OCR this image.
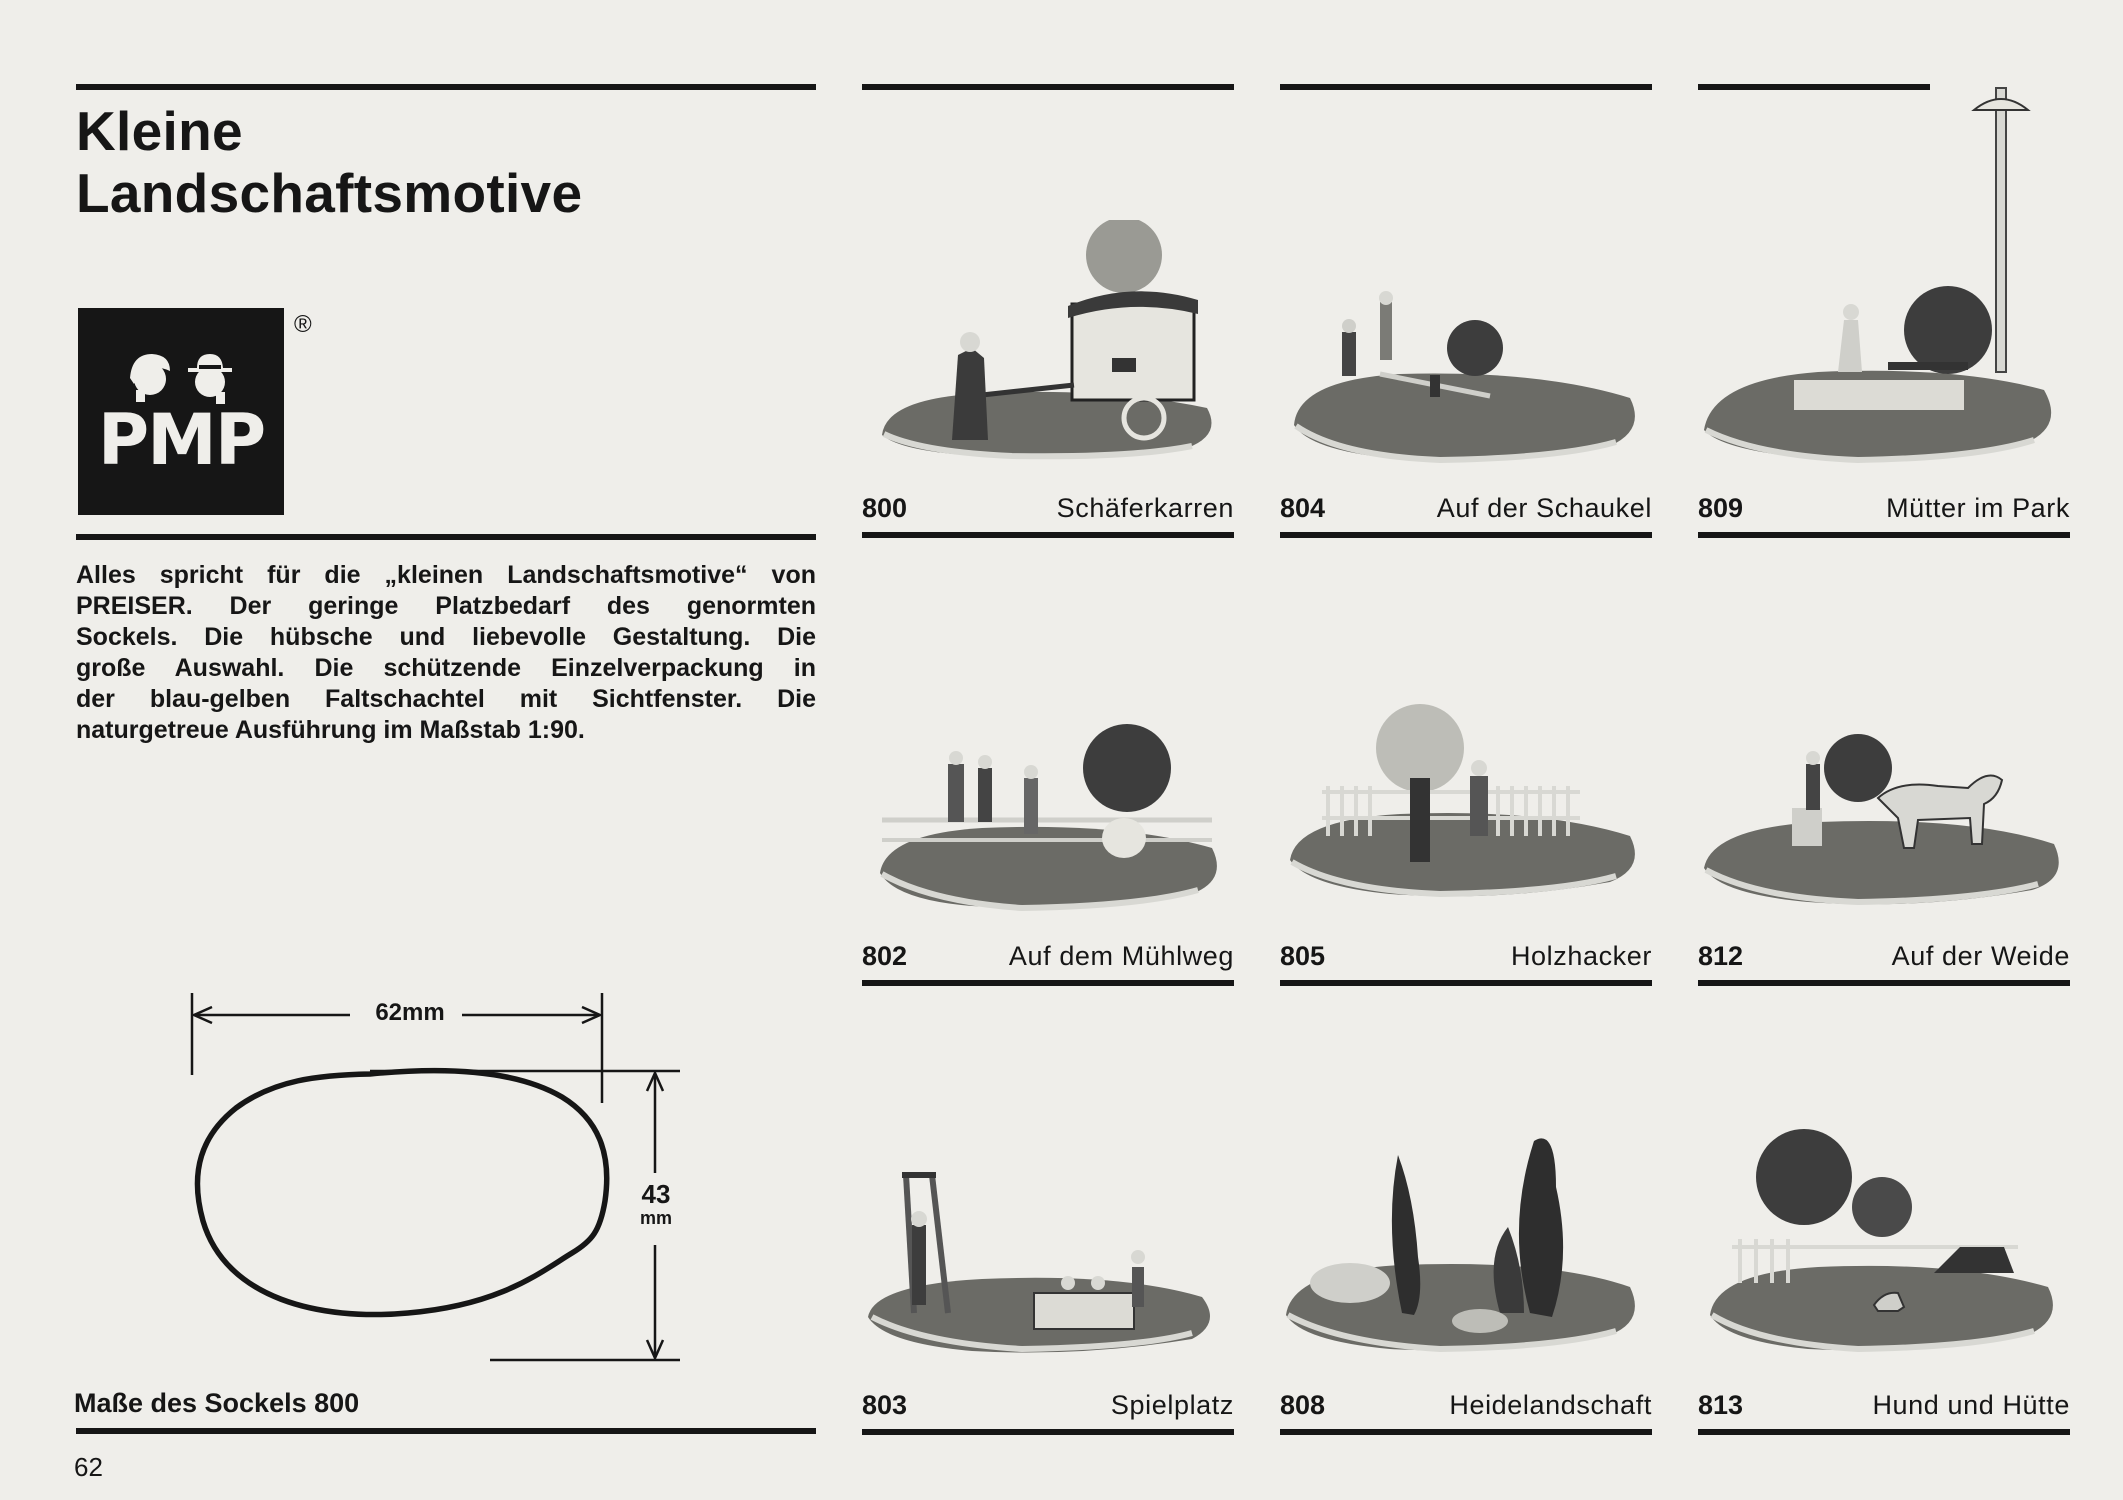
Kleine
Landschaftsmotive
PMP
®
Alles spricht für die „kleinen Landschaftsmotive“ von
PREISER. Der geringe Platzbedarf des genormten
Sockels. Die hübsche und liebevolle Gestaltung. Die
große Auswahl. Die schützende Einzelverpackung in
der blau-gelben Faltschachtel mit Sichtfenster. Die
naturgetreue Ausführung im Maßstab 1:90.
62mm
43
mm
Maße des Sockels 800
62
800	Schäferkarren 804	Auf der Schaukel 809	Mütter im Park
802	Auf dem Mühlweg 805	Holzhacker 812	Auf der Weide
803	Spielplatz 808	Heidelandschaft 813	Hund und Hütte
